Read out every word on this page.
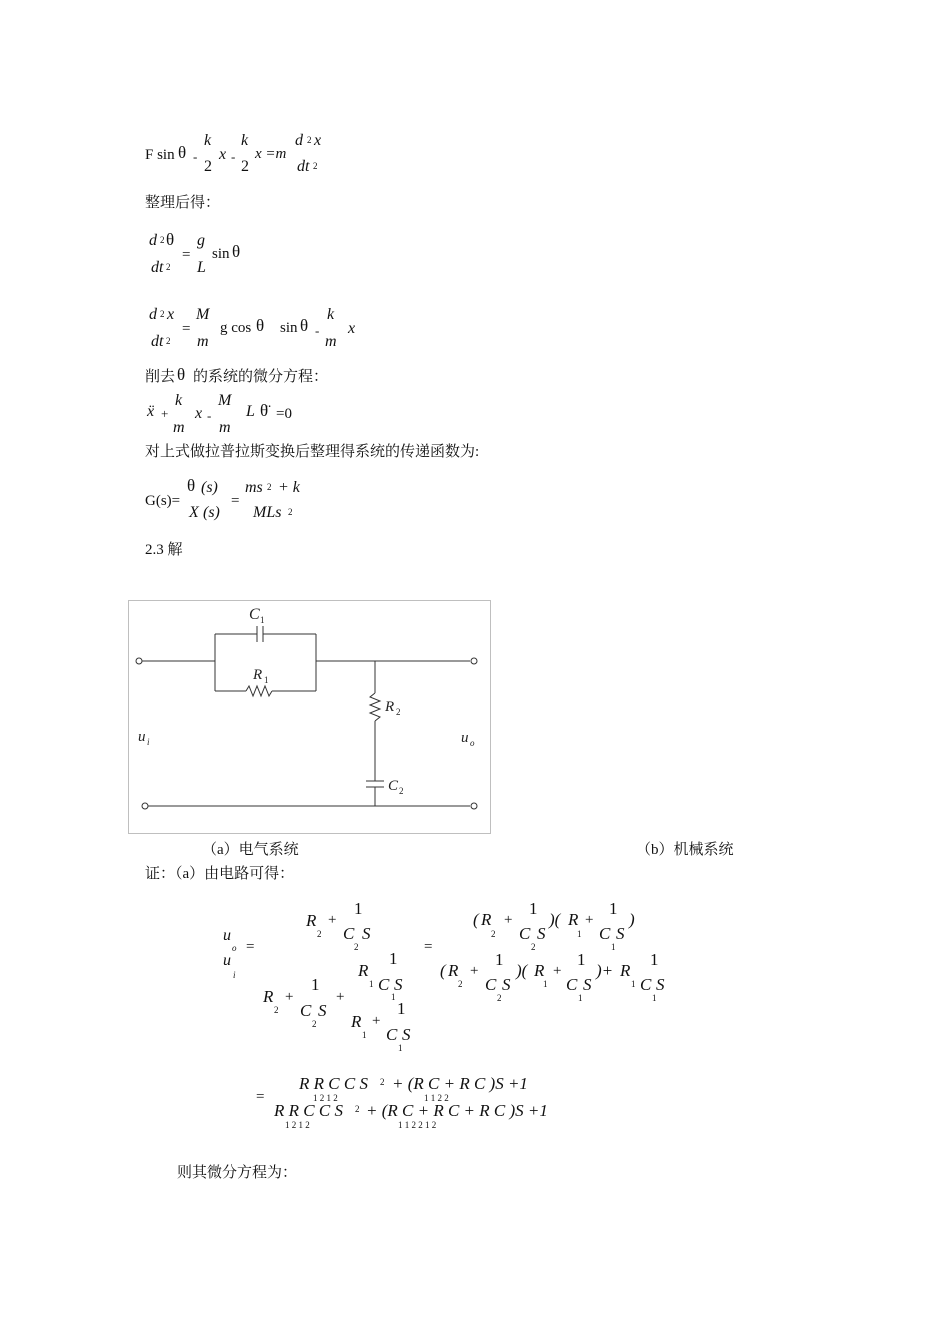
F sin θ -
k
2
x -
k
2
x =m
d 2 x
dt 2
整理后得：
d 2 θ
=
g
sin θ
dt 2 L
d 2 x
=
M
g cos θ sin θ -
k
x
dt 2 m	m
削去 θ 的系统的微分方程：
ẍ +
k
x -
M
L θ̈ =0
m m
对上式做拉普拉斯变换后整理得系统的传递函数为:
G(s)=
θ (s)
X (s)
=
ms 2 + k
MLs 2
2.3 解
C 1
R 1
R 2
C 2
u i	u o
（a）电气系统	（b）机械系统
证：（a）由电路可得：
u
o
u
i
=
R
2
+
1
C S
2
1
R
1 C S
1
R
2
+
1
C S
2
+
R
1
+
1
C S
1
=
( R
2
+
1
C S
2
)( R
1
+
1
C S
1
)
( R
2
+
1
C S
2
)( R
1
+
1
C S
1
)+ R
1
1
C S
1
=
R R C C S 2 + (R C + R C )S +1
1 2 1 2	1 1 2 2
R R C C S 2 + (R C + R C + R C )S +1
1 2 1 2	1 1 2 2 1 2
则其微分方程为：
